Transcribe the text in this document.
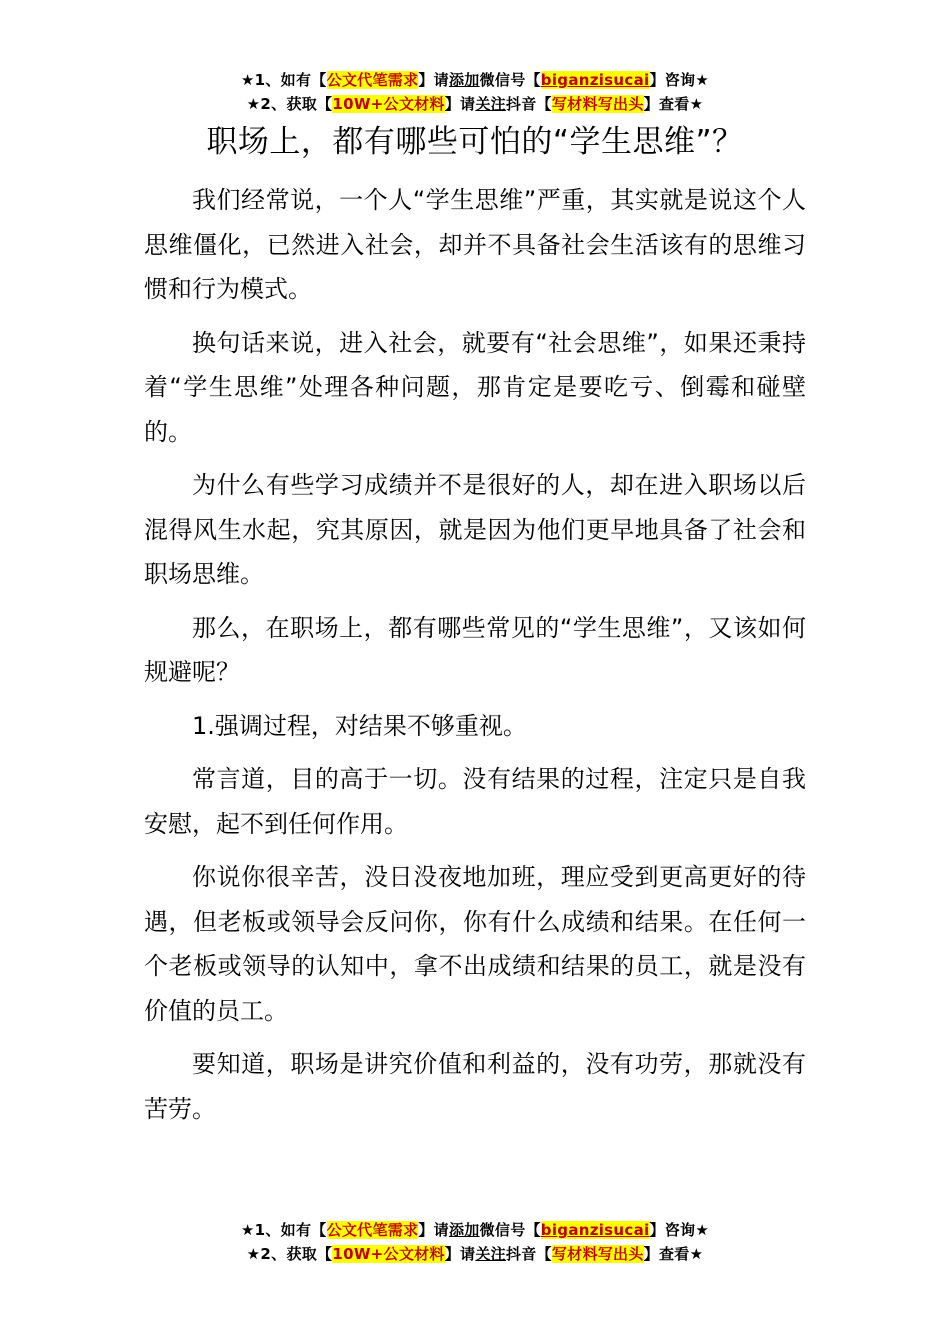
★1、如有【公文代笔需求】请添加微信号【biganzisucai】咨询★
★2、获取【10W+公文材料】请关注抖音【写材料写出头】查看★
职场上，都有哪些可怕的“学生思维”？

我们经常说，一个人“学生思维”严重，其实就是说这个人思维僵化，已然进入社会，却并不具备社会生活该有的思维习惯和行为模式。

换句话来说，进入社会，就要有“社会思维”，如果还秉持着“学生思维”处理各种问题，那肯定是要吃亏、倒霉和碰壁的。

为什么有些学习成绩并不是很好的人，却在进入职场以后混得风生水起，究其原因，就是因为他们更早地具备了社会和职场思维。

那么，在职场上，都有哪些常见的“学生思维”，又该如何规避呢？

1.强调过程，对结果不够重视。

常言道，目的高于一切。没有结果的过程，注定只是自我安慰，起不到任何作用。

你说你很辛苦，没日没夜地加班，理应受到更高更好的待遇，但老板或领导会反问你，你有什么成绩和结果。在任何一个老板或领导的认知中，拿不出成绩和结果的员工，就是没有价值的员工。

要知道，职场是讲究价值和利益的，没有功劳，那就没有苦劳。

★1、如有【公文代笔需求】请添加微信号【biganzisucai】咨询★
★2、获取【10W+公文材料】请关注抖音【写材料写出头】查看★
